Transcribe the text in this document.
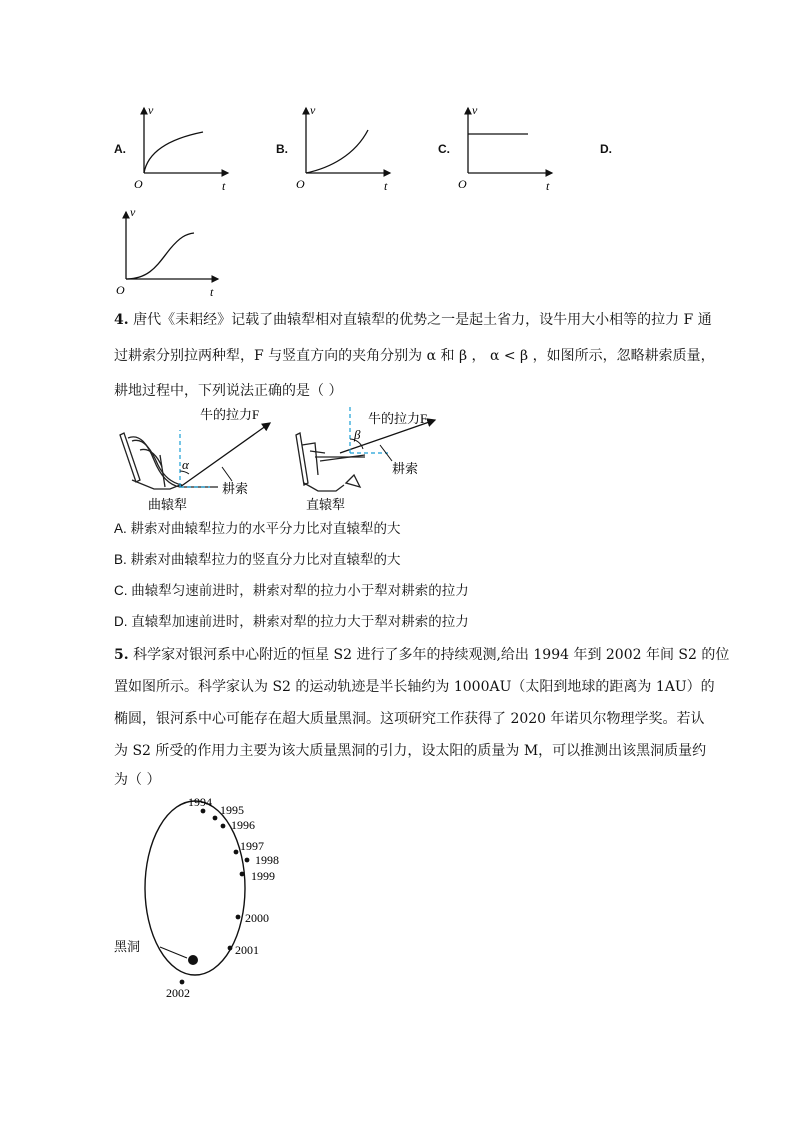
A.
v
t
O
B.
v
t
O
C.
v
t
O
D.
v
t
O
4. 唐代《耒耜经》记载了曲辕犁相对直辕犁的优势之一是起土省力，设牛用大小相等的拉力 F 通
过耕索分别拉两种犁，F 与竖直方向的夹角分别为 α 和 β ， α < β ，如图所示，忽略耕索质量，
耕地过程中，下列说法正确的是（ ）
牛的拉力F
α
耕索
曲辕犁
牛的拉力F
β
耕索
直辕犁
A. 耕索对曲辕犁拉力的水平分力比对直辕犁的大
B. 耕索对曲辕犁拉力的竖直分力比对直辕犁的大
C. 曲辕犁匀速前进时，耕索对犁的拉力小于犁对耕索的拉力
D. 直辕犁加速前进时，耕索对犁的拉力大于犁对耕索的拉力
5. 科学家对银河系中心附近的恒星 S2 进行了多年的持续观测,给出 1994 年到 2002 年间 S2 的位
置如图所示。科学家认为 S2 的运动轨迹是半长轴约为 1000AU（太阳到地球的距离为 1AU）的
椭圆，银河系中心可能存在超大质量黑洞。这项研究工作获得了 2020 年诺贝尔物理学奖。若认
为 S2 所受的作用力主要为该大质量黑洞的引力，设太阳的质量为 M，可以推测出该黑洞质量约
为（ ）
黑洞
1994
1995
1996
1997
1998
1999
2000
2001
2002
